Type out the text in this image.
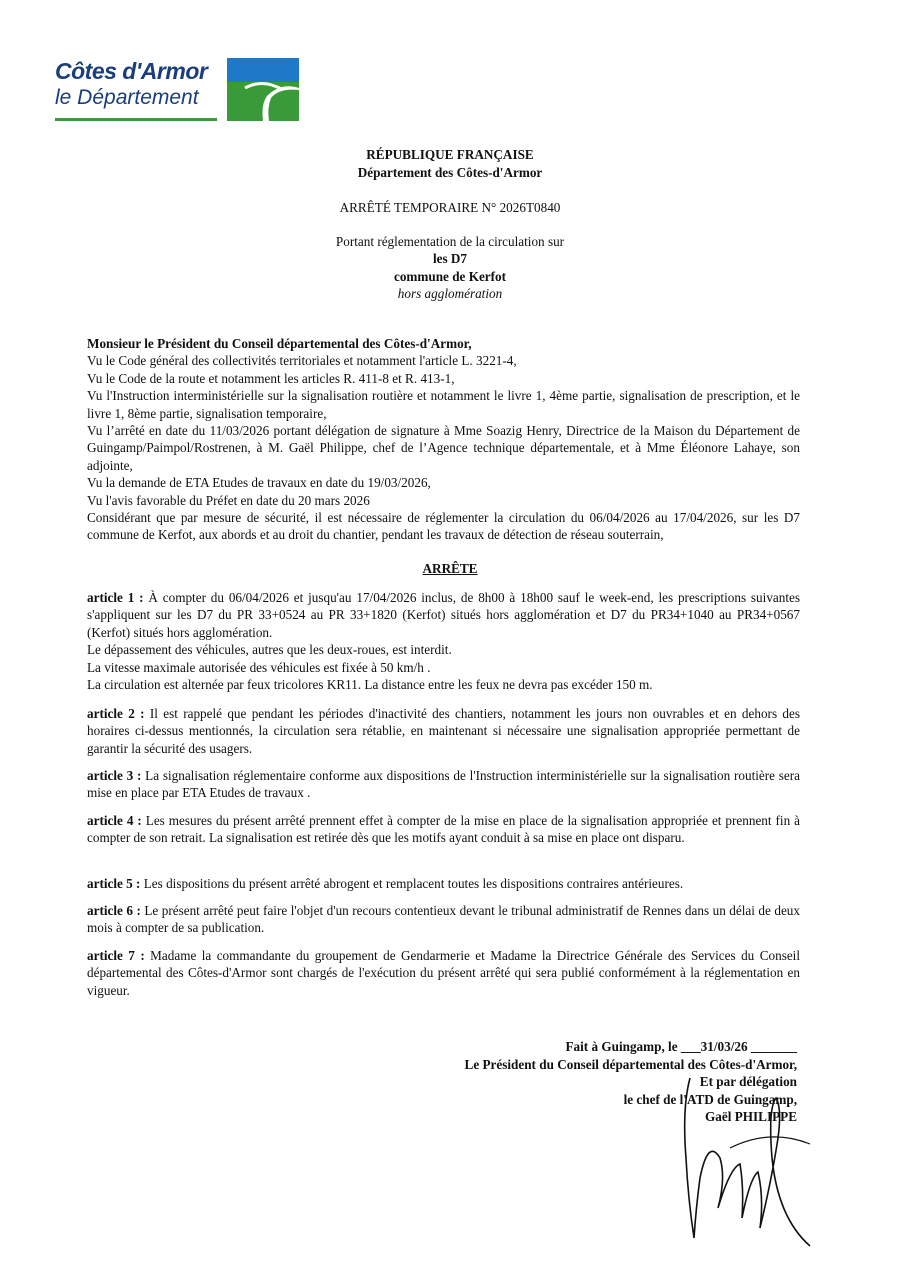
Côtes d'Armor
le Département
RÉPUBLIQUE FRANÇAISE
Département des Côtes-d'Armor
ARRÊTÉ TEMPORAIRE N° 2026T0840
Portant réglementation de la circulation sur
les D7
commune de Kerfot
hors agglomération

Monsieur le Président du Conseil départemental des Côtes-d'Armor,

Vu le Code général des collectivités territoriales et notamment l'article L. 3221-4,

Vu le Code de la route et notamment les articles R. 411-8 et R. 413-1,

Vu l'Instruction interministérielle sur la signalisation routière et notamment le livre 1, 4ème partie, signalisation de prescription, et le livre 1, 8ème partie, signalisation temporaire,

Vu l’arrêté en date du 11/03/2026 portant délégation de signature à Mme Soazig Henry, Directrice de la Maison du Département de Guingamp/Paimpol/Rostrenen, à M. Gaël Philippe, chef de l’Agence technique départementale, et à Mme Éléonore Lahaye, son adjointe,

Vu la demande de ETA Etudes de travaux en date du 19/03/2026,

Vu l'avis favorable du Préfet en date du 20 mars 2026

Considérant que par mesure de sécurité, il est nécessaire de réglementer la circulation du 06/04/2026 au 17/04/2026, sur les D7 commune de Kerfot, aux abords et au droit du chantier, pendant les travaux de détection de réseau souterrain,

ARRÊTE

article 1 : À compter du 06/04/2026 et jusqu'au 17/04/2026 inclus, de 8h00 à 18h00 sauf le week-end, les prescriptions suivantes s'appliquent sur les D7 du PR 33+0524 au PR 33+1820 (Kerfot) situés hors agglomération et D7 du PR34+1040 au PR34+0567 (Kerfot) situés hors agglomération.

Le dépassement des véhicules, autres que les deux-roues, est interdit.

La vitesse maximale autorisée des véhicules est fixée à 50 km/h .

La circulation est alternée par feux tricolores KR11. La distance entre les feux ne devra pas excéder 150 m.

article 2 : Il est rappelé que pendant les périodes d'inactivité des chantiers, notamment les jours non ouvrables et en dehors des horaires ci-dessus mentionnés, la circulation sera rétablie, en maintenant si nécessaire une signalisation appropriée permettant de garantir la sécurité des usagers.

article 3 : La signalisation réglementaire conforme aux dispositions de l'Instruction interministérielle sur la signalisation routière sera mise en place par ETA Etudes de travaux .

article 4 : Les mesures du présent arrêté prennent effet à compter de la mise en place de la signalisation appropriée et prennent fin à compter de son retrait. La signalisation est retirée dès que les motifs ayant conduit à sa mise en place ont disparu.

article 5 : Les dispositions du présent arrêté abrogent et remplacent toutes les dispositions contraires antérieures.

article 6 : Le présent arrêté peut faire l'objet d'un recours contentieux devant le tribunal administratif de Rennes dans un délai de deux mois à compter de sa publication.

article 7 : Madame la commandante du groupement de Gendarmerie et Madame la Directrice Générale des Services du Conseil départemental des Côtes-d'Armor sont chargés de l'exécution du présent arrêté qui sera publié conformément à la réglementation en vigueur.

Fait à Guingamp, le ___31/03/26 _______
Le Président du Conseil départemental des Côtes-d'Armor,
Et par délégation
le chef de l'ATD de Guingamp,
Gaël PHILIPPE
